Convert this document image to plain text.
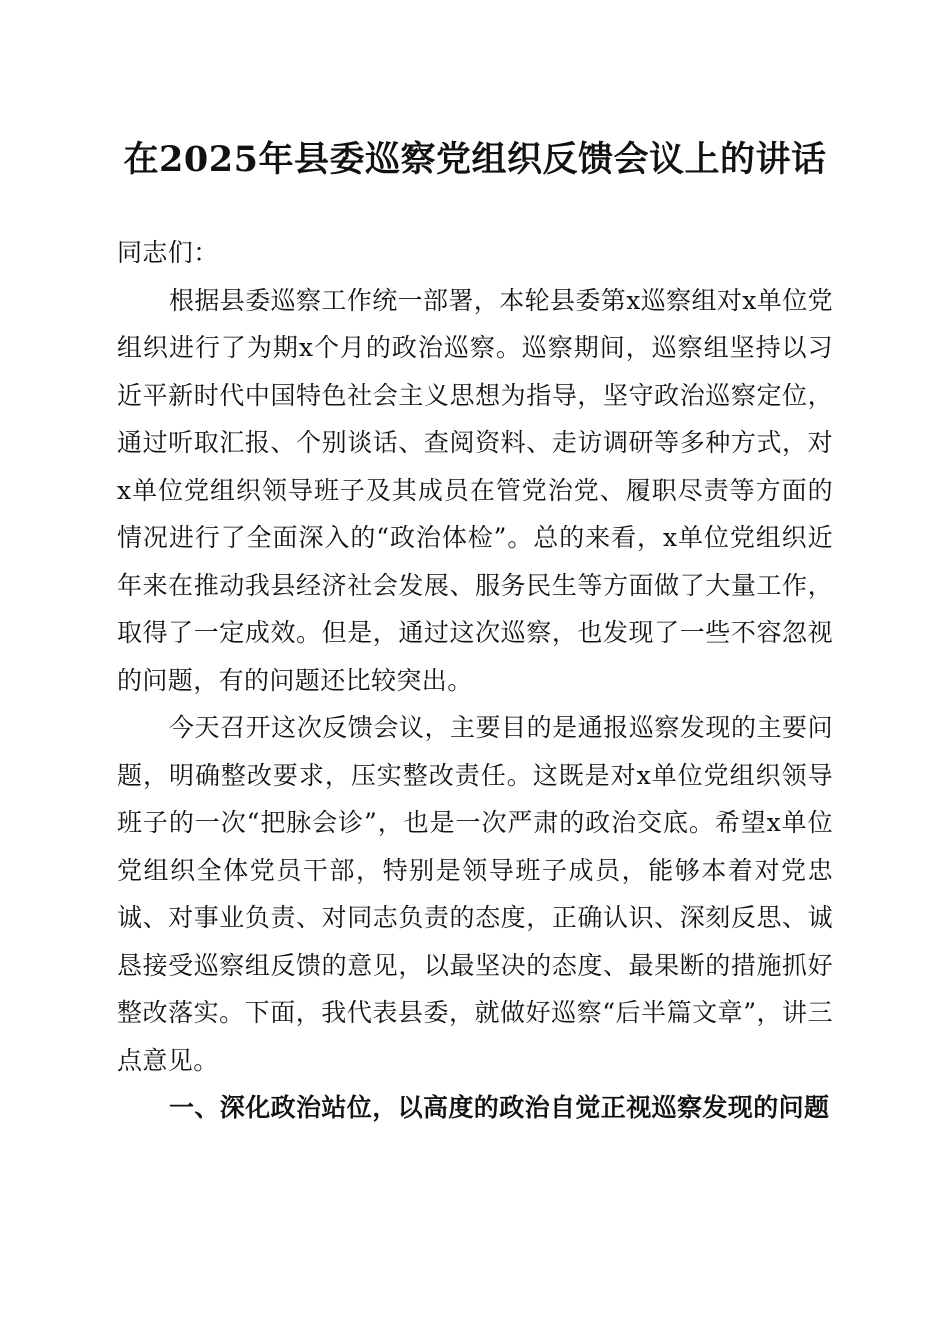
在2025年县委巡察党组织反馈会议上的讲话

同志们：

根据县委巡察工作统一部署，本轮县委第x巡察组对x单位党组织进行了为期x个月的政治巡察。巡察期间，巡察组坚持以习近平新时代中国特色社会主义思想为指导，坚守政治巡察定位，通过听取汇报、个别谈话、查阅资料、走访调研等多种方式，对x单位党组织领导班子及其成员在管党治党、履职尽责等方面的情况进行了全面深入的“政治体检”。总的来看，x单位党组织近年来在推动我县经济社会发展、服务民生等方面做了大量工作，取得了一定成效。但是，通过这次巡察，也发现了一些不容忽视的问题，有的问题还比较突出。

今天召开这次反馈会议，主要目的是通报巡察发现的主要问题，明确整改要求，压实整改责任。这既是对x单位党组织领导班子的一次“把脉会诊”，也是一次严肃的政治交底。希望x单位党组织全体党员干部，特别是领导班子成员，能够本着对党忠诚、对事业负责、对同志负责的态度，正确认识、深刻反思、诚恳接受巡察组反馈的意见，以最坚决的态度、最果断的措施抓好整改落实。下面，我代表县委，就做好巡察“后半篇文章”，讲三点意见。

一、深化政治站位，以高度的政治自觉正视巡察发现的问题
